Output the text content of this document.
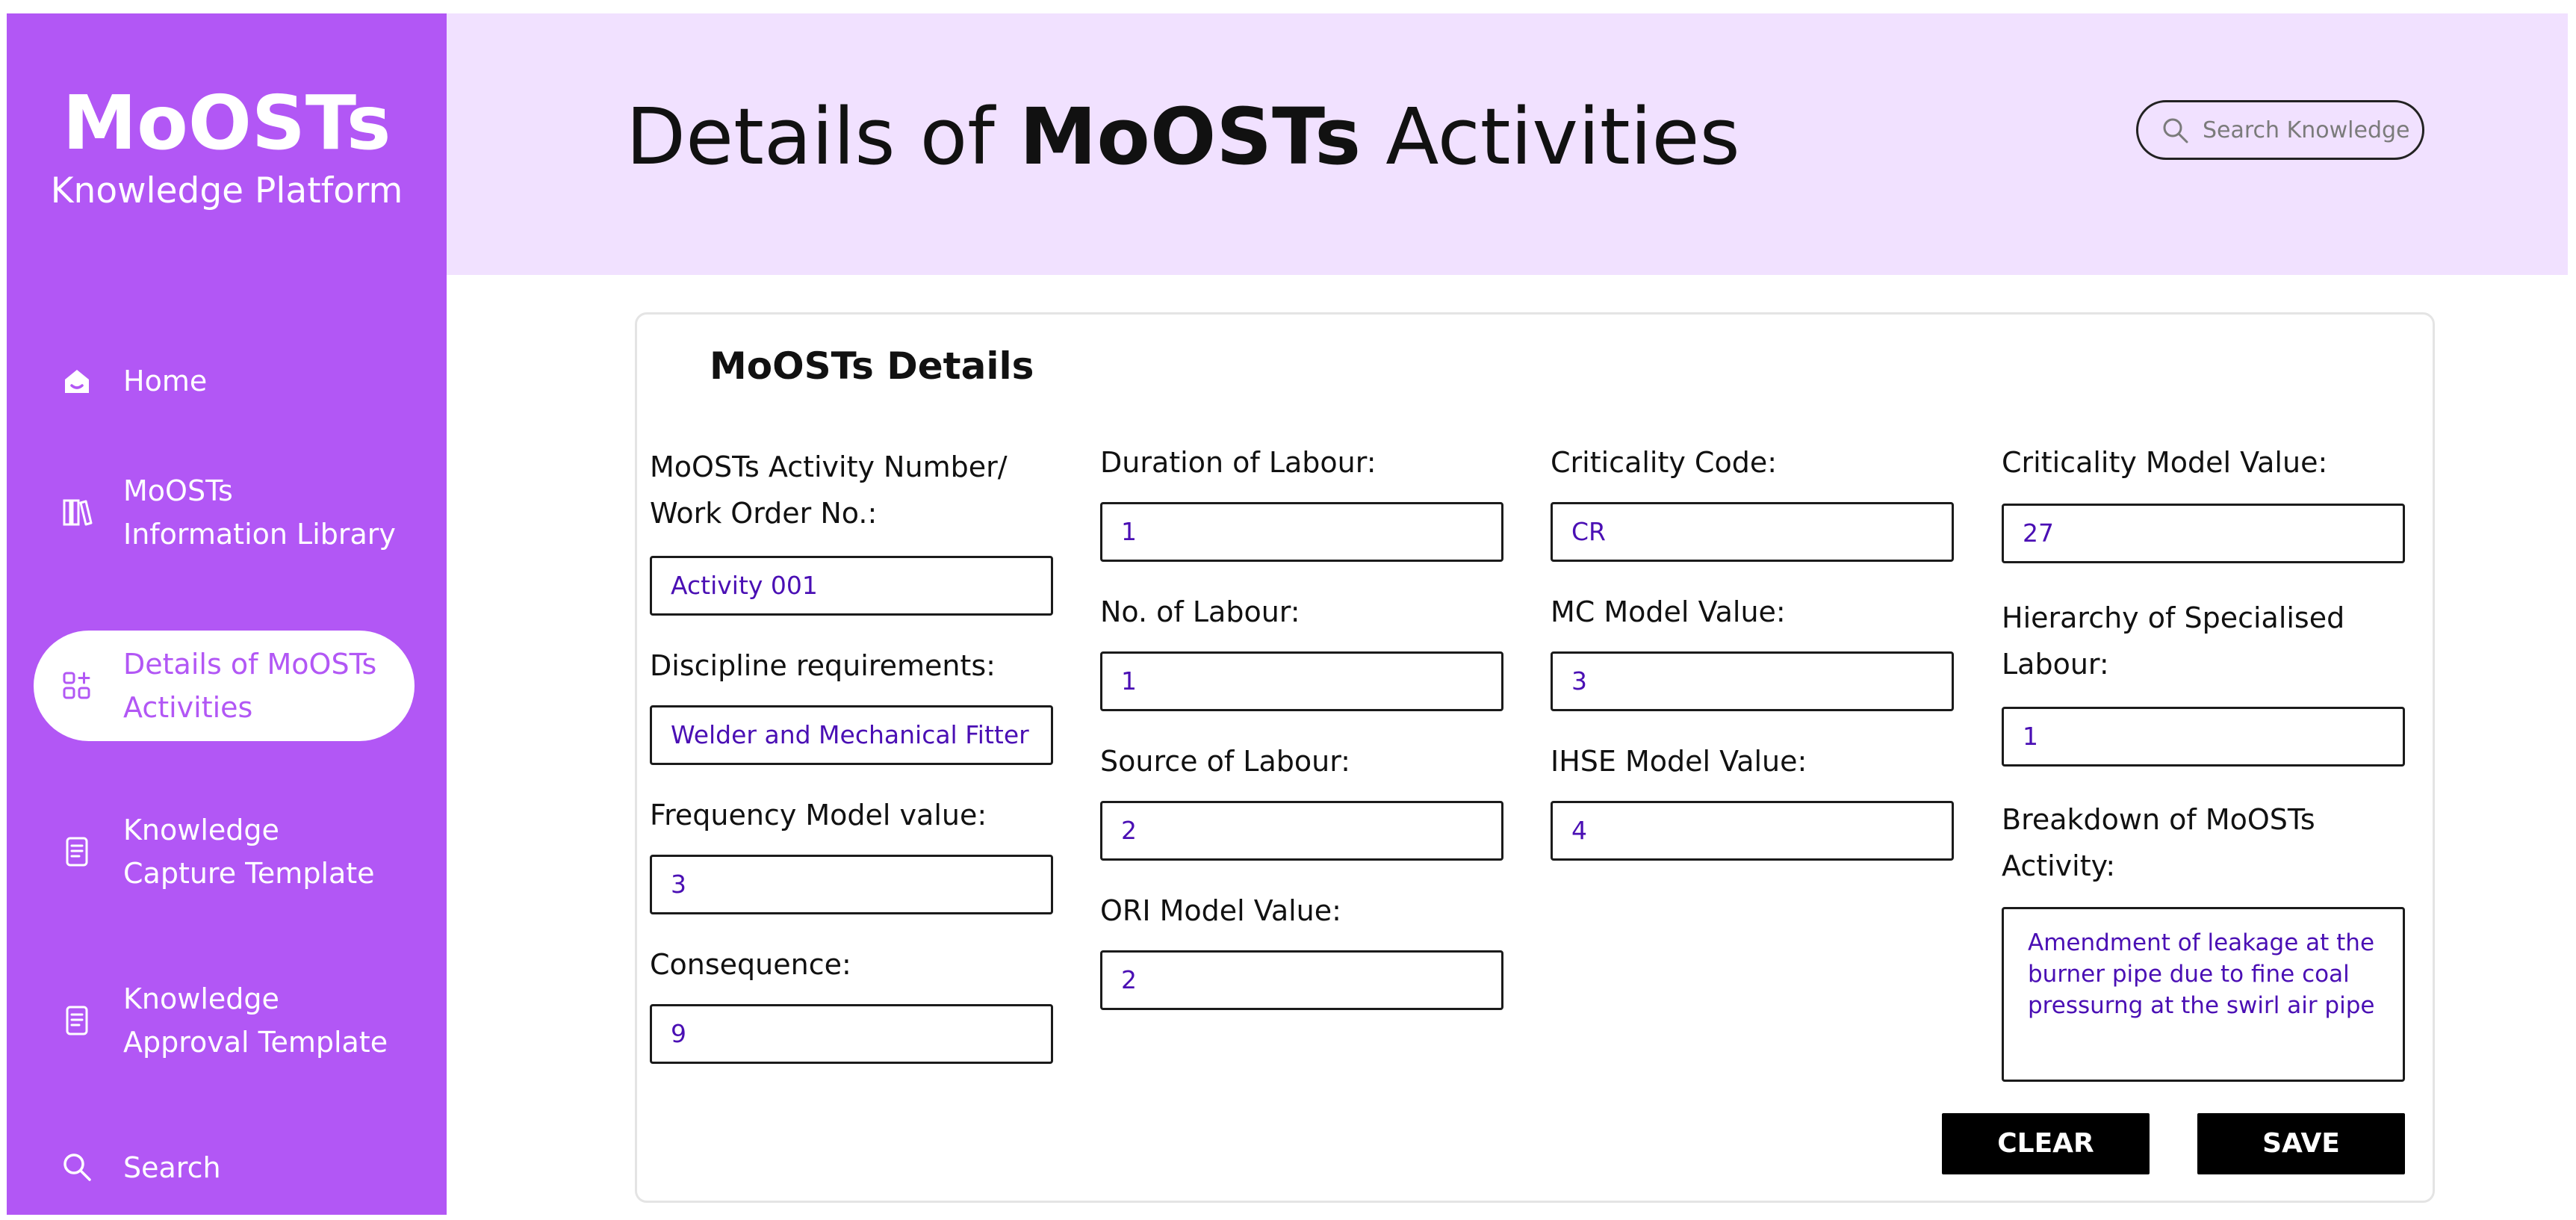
MoOSTs
Knowledge Platform
Home
MoOSTs
Information Library
Details of MoOSTs
Activities
Knowledge
Capture Template
Knowledge
Approval Template
Search
Details of MoOSTs Activities	Search Knowledge
MoOSTs Details
MoOSTs Activity Number/
Work Order No.:
Activity 001
Discipline requirements:
Welder and Mechanical Fitter
Frequency Model value:
3
Consequence:
9
Duration of Labour:
1
No. of Labour:
1
Source of Labour:
2
ORI Model Value:
2
Criticality Code:
CR
MC Model Value:
3
IHSE Model Value:
4
Criticality Model Value:
27
Hierarchy of Specialised
Labour:
1
Breakdown of MoOSTs
Activity:
Amendment of leakage at the burner pipe due to fine coal pressurng at the swirl air pipe
CLEAR	SAVE
